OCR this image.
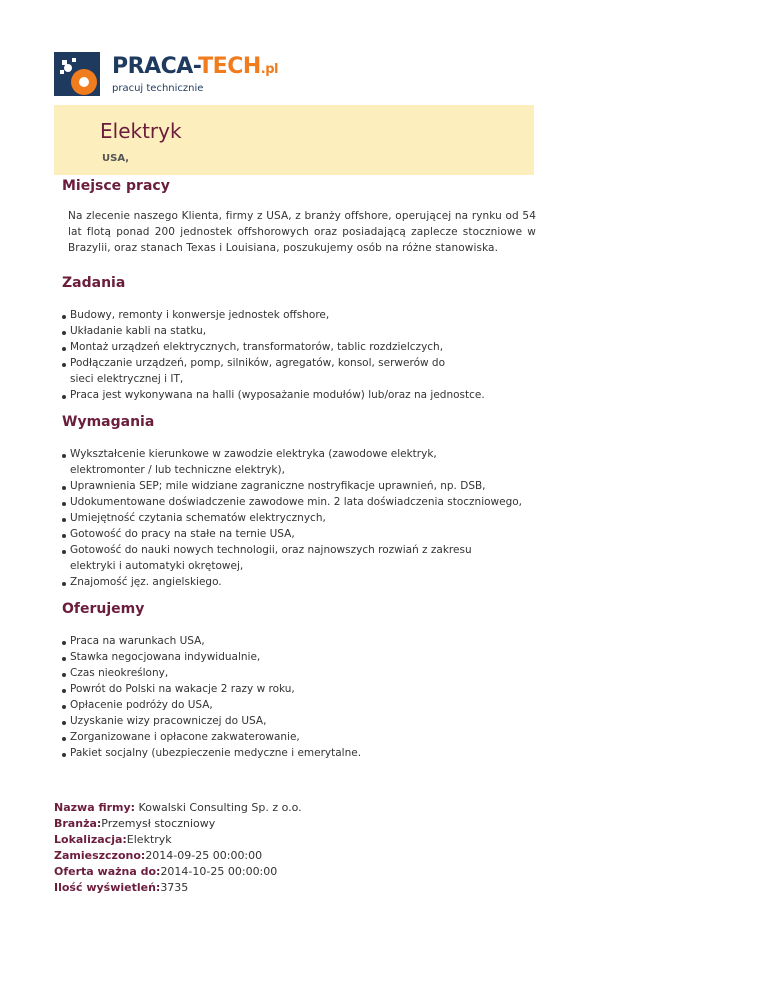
PRACA-TECH.pl
pracuj technicznie
Elektryk

USA,

Miejsce pracy

Na zlecenie naszego Klienta, firmy z USA, z branży offshore, operującej na rynku od 54 lat flotą ponad 200 jednostek offshorowych oraz posiadającą zaplecze stoczniowe w Brazylii, oraz stanach Texas i Louisiana, poszukujemy osób na różne stanowiska.

Zadania
Budowy, remonty i konwersje jednostek offshore,
Układanie kabli na statku,
Montaż urządzeń elektrycznych, transformatorów, tablic rozdzielczych,
Podłączanie urządzeń, pomp, silników, agregatów, konsol, serwerów do sieci elektrycznej i IT,
Praca jest wykonywana na halli (wyposażanie modułów) lub/oraz na jednostce.
Wymagania
Wykształcenie kierunkowe w zawodzie elektryka (zawodowe elektryk, elektromonter / lub techniczne elektryk),
Uprawnienia SEP; mile widziane zagraniczne nostryfikacje uprawnień, np. DSB,
Udokumentowane doświadczenie zawodowe min. 2 lata doświadczenia stoczniowego,
Umiejętność czytania schematów elektrycznych,
Gotowość do pracy na stałe na ternie USA,
Gotowość do nauki nowych technologii, oraz najnowszych rozwiań z zakresu elektryki i automatyki okrętowej,
Znajomość jęz. angielskiego.
Oferujemy
Praca na warunkach USA,
Stawka negocjowana indywidualnie,
Czas nieokreślony,
Powrót do Polski na wakacje 2 razy w roku,
Opłacenie podróży do USA,
Uzyskanie wizy pracowniczej do USA,
Zorganizowane i opłacone zakwaterowanie,
Pakiet socjalny (ubezpieczenie medyczne i emerytalne.
Nazwa firmy: Kowalski Consulting Sp. z o.o.
Branża:Przemysł stoczniowy
Lokalizacja:Elektryk
Zamieszczono:2014-09-25 00:00:00
Oferta ważna do:2014-10-25 00:00:00
Ilość wyświetleń:3735
